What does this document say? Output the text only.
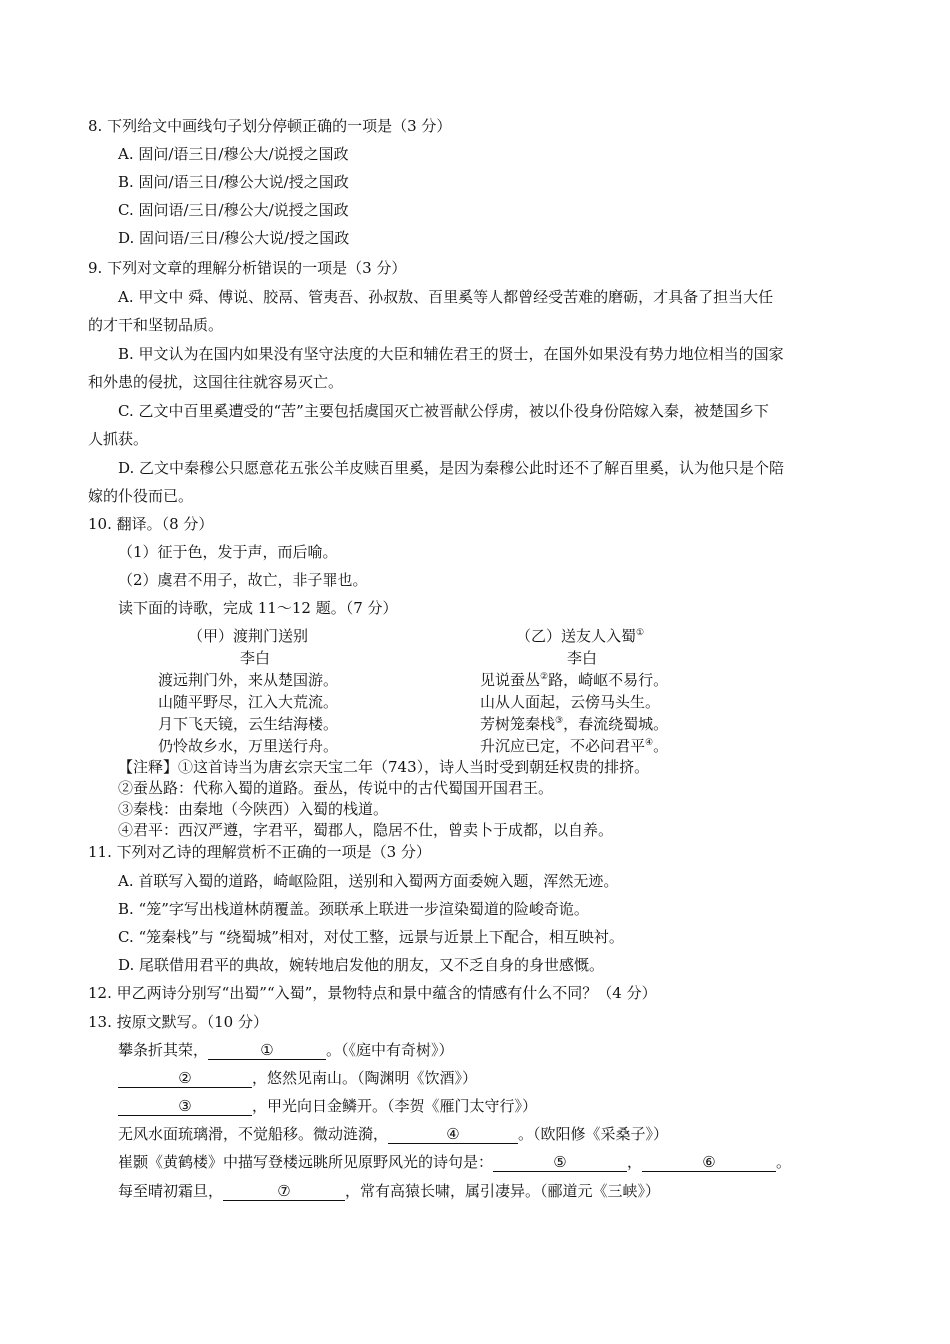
8. 下列给文中画线句子划分停顿正确的一项是（3 分）
A. 固问/语三日/穆公大/说授之国政
B. 固问/语三日/穆公大说/授之国政
C. 固问语/三日/穆公大/说授之国政
D. 固问语/三日/穆公大说/授之国政
9. 下列对文章的理解分析错误的一项是（3 分）
A. 甲文中 舜、傅说、胶鬲、管夷吾、孙叔敖、百里奚等人都曾经受苦难的磨砺，才具备了担当大任
的才干和坚韧品质。
B. 甲文认为在国内如果没有坚守法度的大臣和辅佐君王的贤士，在国外如果没有势力地位相当的国家
和外患的侵扰，这国往往就容易灭亡。
C. 乙文中百里奚遭受的“苦”主要包括虞国灭亡被晋献公俘虏，被以仆役身份陪嫁入秦，被楚国乡下
人抓获。
D. 乙文中秦穆公只愿意花五张公羊皮赎百里奚，是因为秦穆公此时还不了解百里奚，认为他只是个陪
嫁的仆役而已。
10. 翻译。（8 分）
（1）征于色，发于声，而后喻。
（2）虞君不用子，故亡，非子罪也。
读下面的诗歌，完成 11～12 题。（7 分）
（甲）渡荆门送别
李白
渡远荆门外，来从楚国游。
山随平野尽，江入大荒流。
月下飞天镜，云生结海楼。
仍怜故乡水，万里送行舟。
（乙）送友人入蜀①
李白
见说蚕丛②路，崎岖不易行。
山从人面起，云傍马头生。
芳树笼秦栈③，春流绕蜀城。
升沉应已定，不必问君平④。
【注释】①这首诗当为唐玄宗天宝二年（743），诗人当时受到朝廷权贵的排挤。
②蚕丛路：代称入蜀的道路。蚕丛，传说中的古代蜀国开国君王。
③秦栈：由秦地（今陕西）入蜀的栈道。
④君平：西汉严遵，字君平，蜀郡人，隐居不仕，曾卖卜于成都，以自养。
11. 下列对乙诗的理解赏析不正确的一项是（3 分）
A. 首联写入蜀的道路，崎岖险阻，送别和入蜀两方面委婉入题，浑然无迹。
B. “笼”字写出栈道林荫覆盖。颈联承上联进一步渲染蜀道的险峻奇诡。
C. “笼秦栈”与 “绕蜀城”相对，对仗工整，远景与近景上下配合，相互映衬。
D. 尾联借用君平的典故，婉转地启发他的朋友，又不乏自身的身世感慨。
12. 甲乙两诗分别写“出蜀”“入蜀”，景物特点和景中蕴含的情感有什么不同？（4 分）
13. 按原文默写。（10 分）
攀条折其荣，	①	。（《庭中有奇树》）
②	，悠然见南山。（陶渊明《饮酒》）
③	，甲光向日金鳞开。（李贺《雁门太守行》）
无风水面琉璃滑，不觉船移。微动涟漪，	④	。（欧阳修《采桑子》）
崔颢《黄鹤楼》中描写登楼远眺所见原野风光的诗句是：	⑤	，	⑥	。
每至晴初霜旦，	⑦	，常有高猿长啸，属引凄异。（郦道元《三峡》）
